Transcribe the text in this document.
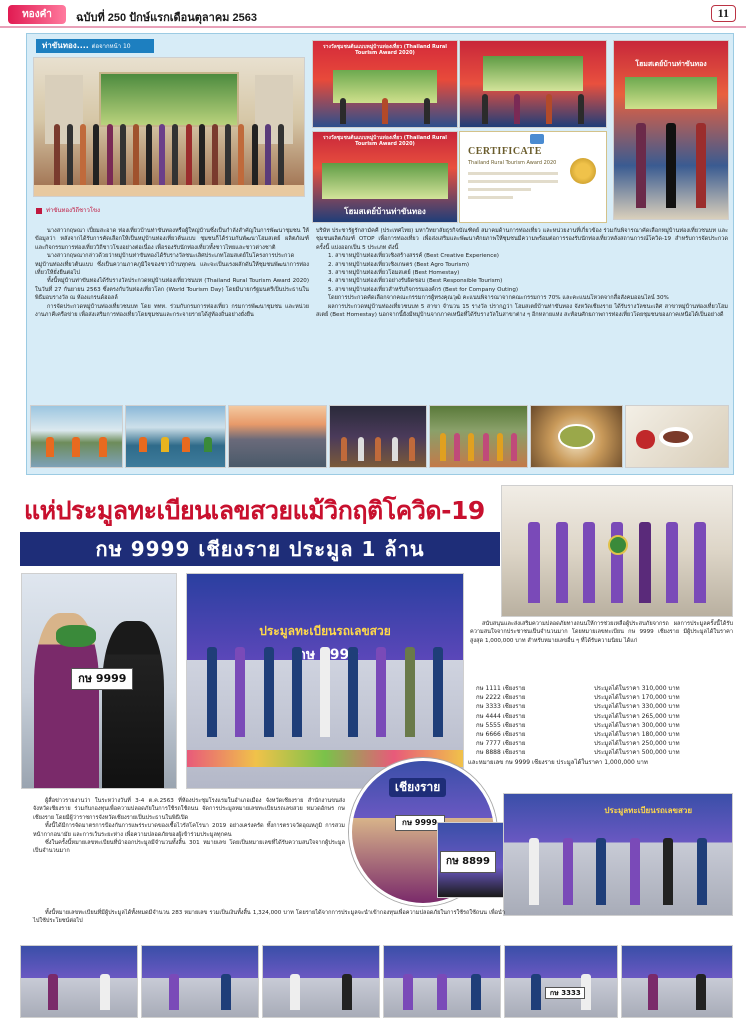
ทองคำ	ฉบับที่ 250 ปักษ์แรกเดือนตุลาคม 2563	11
ท่าขันทอง.... ต่อจากหน้า 10
ท่าขันทองวิถีชาวโขง
รางวัลชุมชนต้นแบบหมู่บ้านท่องเที่ยว (Thailand Rural Tourism Award 2020)
โฮมสเตย์บ้านท่าขันทอง
CERTIFICATE
Thailand Rural Tourism Award 2020
รางวัลชุมชนต้นแบบหมู่บ้านท่องเที่ยว (Thailand Rural Tourism Award 2020)
โฮมสเตย์บ้านท่าขันทอง

นางสาวกฤษณา เปี่ยมสะอาด ท่องเที่ยวบ้านท่าขันทองหรือผู้ใหญ่บ้านซึ่งเป็นกำลังสำคัญในการพัฒนาชุมชน ให้ข้อมูลว่า หลังจากได้รับการคัดเลือกให้เป็นหมู่บ้านท่องเที่ยวต้นแบบ ชุมชนก็ได้ร่วมกันพัฒนาโฮมสเตย์ ผลิตภัณฑ์ และกิจกรรมการท่องเที่ยววิถีชาวโขงอย่างต่อเนื่อง เพื่อรองรับนักท่องเที่ยวทั้งชาวไทยและชาวต่างชาติ

นางสาวกฤษณากล่าวด้วยว่าหมู่บ้านท่าขันทองได้รับรางวัลชนะเลิศประเภทโฮมสเตย์ในโครงการประกวดหมู่บ้านท่องเที่ยวต้นแบบ ซึ่งเป็นความภาคภูมิใจของชาวบ้านทุกคน และจะเป็นแรงผลักดันให้ชุมชนพัฒนาการท่องเที่ยวให้ยั่งยืนต่อไป

ทั้งนี้หมู่บ้านท่าขันทองได้รับรางวัลประกวดหมู่บ้านท่องเที่ยวชนบท (Thailand Rural Tourism Award 2020) ในวันที่ 27 กันยายน 2563 ซึ่งตรงกับวันท่องเที่ยวโลก (World Tourism Day) โดยมีนายกรัฐมนตรีเป็นประธานในพิธีมอบรางวัล ณ ห้องแกรนด์ฮอลล์

การจัดประกวดหมู่บ้านท่องเที่ยวชนบท โดย ททท. ร่วมกับกรมการท่องเที่ยว กรมการพัฒนาชุมชน และหน่วยงานภาคีเครือข่าย เพื่อส่งเสริมการท่องเที่ยวโดยชุมชนและกระจายรายได้สู่ท้องถิ่นอย่างยั่งยืน

บริษัท ประชารัฐรักสามัคคี (ประเทศไทย) มหาวิทยาลัยธุรกิจบัณฑิตย์ สมาคมด้านการท่องเที่ยว และหน่วยงานที่เกี่ยวข้อง ร่วมกันพิจารณาคัดเลือกหมู่บ้านท่องเที่ยวชนบท และชุมชนผลิตภัณฑ์ OTOP เพื่อการท่องเที่ยว เพื่อส่งเสริมและพัฒนาศักยภาพให้ชุมชนมีความพร้อมต่อการรองรับนักท่องเที่ยวหลังสถานการณ์โควิด-19 สำหรับการจัดประกวดครั้งนี้ แบ่งออกเป็น 5 ประเภท ดังนี้

1. สาขาหมู่บ้านท่องเที่ยวเชิงสร้างสรรค์ (Best Creative Experience)
2. สาขาหมู่บ้านท่องเที่ยวเชิงเกษตร (Best Agro Tourism)
3. สาขาหมู่บ้านท่องเที่ยวโฮมสเตย์ (Best Homestay)
4. สาขาหมู่บ้านท่องเที่ยวอย่างรับผิดชอบ (Best Responsible Tourism)
5. สาขาหมู่บ้านท่องเที่ยวสำหรับกิจกรรมองค์กร (Best for Company Outing)

โดยการประกวดคัดเลือกจากคณะกรรมการผู้ทรงคุณวุฒิ คะแนนพิจารณาจากคณะกรรมการ 70% และคะแนนโหวตจากสื่อสังคมออนไลน์ 30%

ผลการประกวดหมู่บ้านท่องเที่ยวชนบท 5 สาขา จำนวน 15 รางวัล ปรากฏว่า โฮมสเตย์บ้านท่าขันทอง จังหวัดเชียงราย ได้รับรางวัลชนะเลิศ สาขาหมู่บ้านท่องเที่ยวโฮมสเตย์ (Best Homestay) นอกจากนี้ยังมีหมู่บ้านจากภาคเหนือที่ได้รับรางวัลในสาขาต่าง ๆ อีกหลายแห่ง สะท้อนศักยภาพการท่องเที่ยวโดยชุมชนของภาคเหนือได้เป็นอย่างดี

แห่ประมูลทะเบียนเลขสวยแม้วิกฤติโควิด-19
กษ 9999 เชียงราย ประมูล 1 ล้าน
กษ 9999
ประมูลทะเบียนรถเลขสวย
กษ 9999

สนับสนุนและส่งเสริมความปลอดภัยทางถนนให้การช่วยเหลือผู้ประสบภัยจากรถ ผลการประมูลครั้งนี้ได้รับความสนใจจากประชาชนเป็นจำนวนมาก โดยหมายเลขทะเบียน กษ 9999 เชียงราย มีผู้ประมูลได้ในราคาสูงสุด 1,000,000 บาท สำหรับหมายเลขอื่น ๆ ที่ได้รับความนิยม ได้แก่

กษ 1111 เชียงราย	ประมูลได้ในราคา 310,000 บาท
กษ 2222 เชียงราย	ประมูลได้ในราคา 170,000 บาท
กษ 3333 เชียงราย	ประมูลได้ในราคา 330,000 บาท
กษ 4444 เชียงราย	ประมูลได้ในราคา 265,000 บาท
กษ 5555 เชียงราย	ประมูลได้ในราคา 300,000 บาท
กษ 6666 เชียงราย	ประมูลได้ในราคา 180,000 บาท
กษ 7777 เชียงราย	ประมูลได้ในราคา 250,000 บาท
กษ 8888 เชียงราย	ประมูลได้ในราคา 500,000 บาท
และหมายเลข กษ 9999 เชียงราย ประมูลได้ในราคา 1,000,000 บาท
เชียงราย
กษ 9999
กษ 8899
ประมูลทะเบียนรถเลขสวย

ผู้สื่อข่าวรายงานว่า ในระหว่างวันที่ 3-4 ต.ค.2563 ที่ห้องประชุมโรงแรมในอำเภอเมือง จังหวัดเชียงราย สำนักงานขนส่งจังหวัดเชียงราย ร่วมกับกองทุนเพื่อความปลอดภัยในการใช้รถใช้ถนน จัดการประมูลหมายเลขทะเบียนรถเลขสวย หมวดอักษร กษ เชียงราย โดยมีผู้ว่าราชการจังหวัดเชียงรายเป็นประธานในพิธีเปิด

ทั้งนี้ได้มีการจัดมาตรการป้องกันการแพร่ระบาดของเชื้อไวรัสโคโรนา 2019 อย่างเคร่งครัด ทั้งการตรวจวัดอุณหภูมิ การสวมหน้ากากอนามัย และการเว้นระยะห่าง เพื่อความปลอดภัยของผู้เข้าร่วมประมูลทุกคน

ซึ่งในครั้งนี้หมายเลขทะเบียนที่นำออกประมูลมีจำนวนทั้งสิ้น 301 หมายเลข โดยเป็นหมายเลขที่ได้รับความสนใจจากผู้ประมูลเป็นจำนวนมาก

ทั้งนี้หมายเลขทะเบียนที่มีผู้ประมูลได้ทั้งหมดมีจำนวน 283 หมายเลข รวมเป็นเงินทั้งสิ้น 1,324,000 บาท โดยรายได้จากการประมูลจะนำเข้ากองทุนเพื่อความปลอดภัยในการใช้รถใช้ถนน เพื่อนำไปใช้ประโยชน์ต่อไป

กษ 3333
